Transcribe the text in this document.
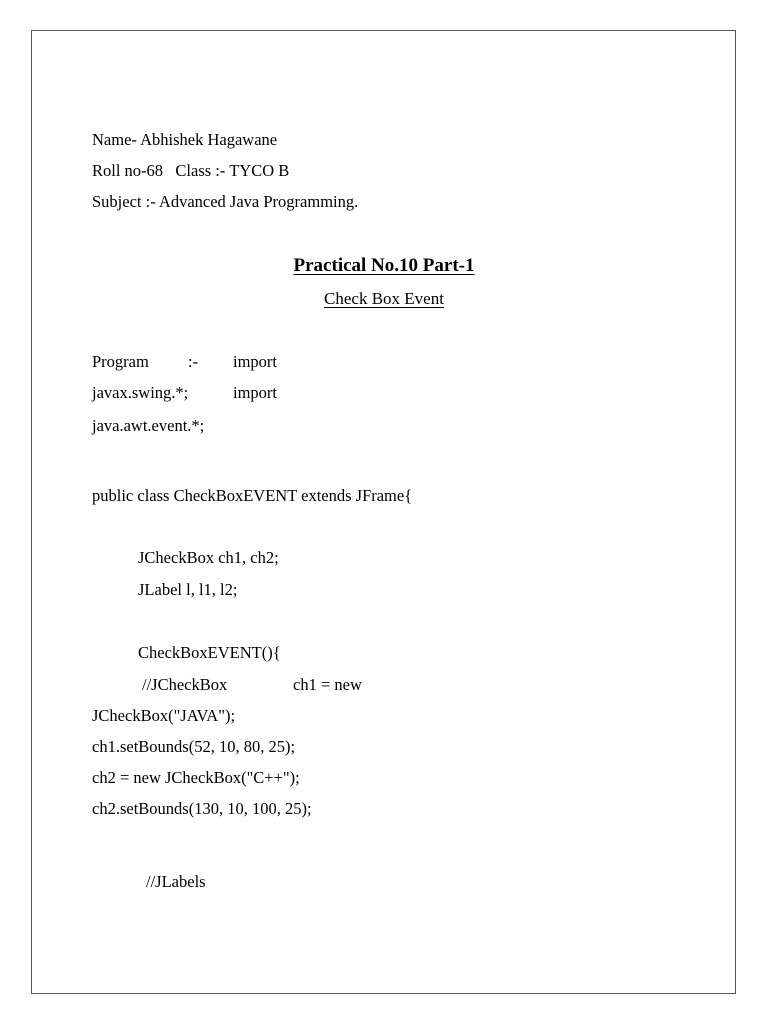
Name- Abhishek Hagawane
Roll no-68   Class :- TYCO B
Subject :- Advanced Java Programming.
Practical No.10 Part-1
Check Box Event
Program :- import
javax.swing.*;	import
java.awt.event.*;
public class CheckBoxEVENT extends JFrame{
JCheckBox ch1, ch2;
JLabel l, l1, l2;
CheckBoxEVENT(){
//JCheckBox	ch1 = new
JCheckBox("JAVA");
ch1.setBounds(52, 10, 80, 25);
ch2 = new JCheckBox("C++");
ch2.setBounds(130, 10, 100, 25);
//JLabels
